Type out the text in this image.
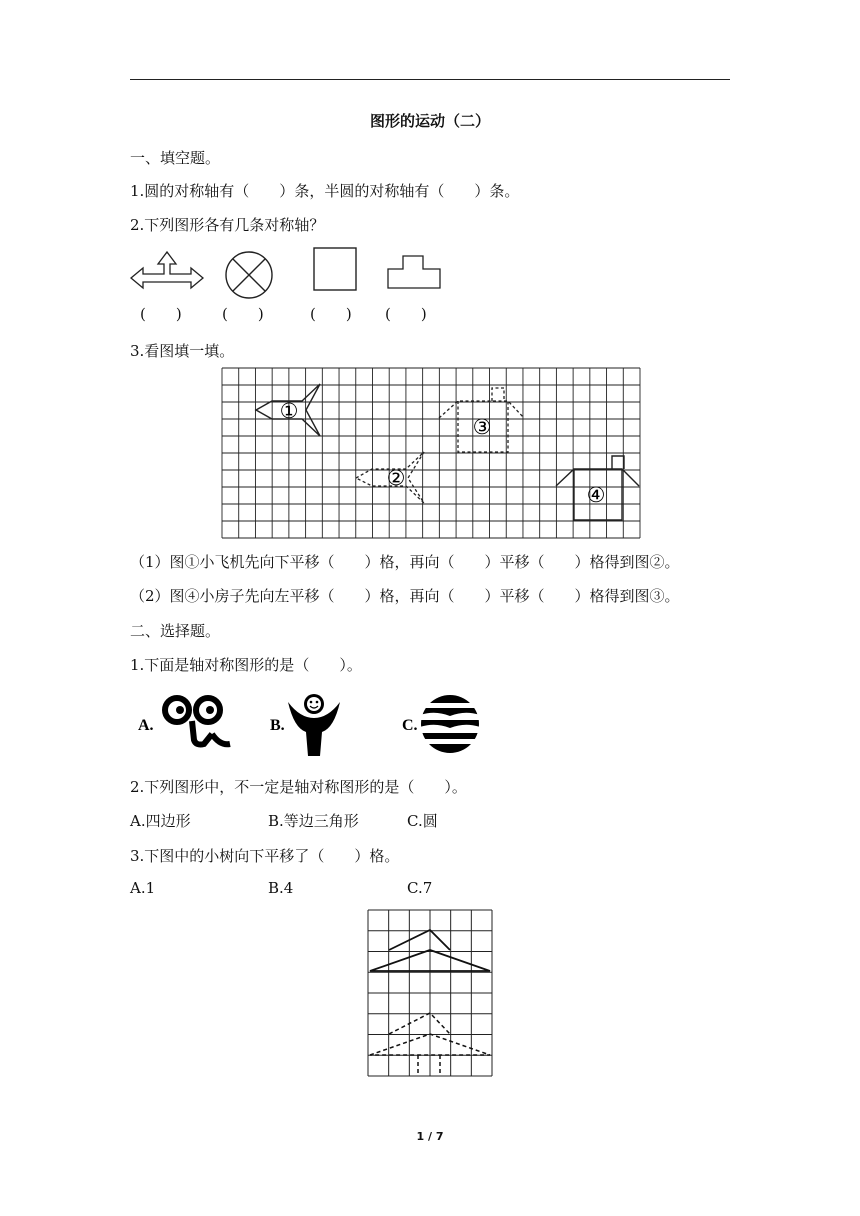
图形的运动（二）
一、填空题。
1.圆的对称轴有（　　）条，半圆的对称轴有（　　）条。
2.下列图形各有几条对称轴？
(　　)	(　　)	(　　) (　　)
3.看图填一填。
①
②
③
④
（1）图①小飞机先向下平移（　　）格，再向（　　）平移（　　）格得到图②。
（2）图④小房子先向左平移（　　）格，再向（　　）平移（　　）格得到图③。
二、选择题。
1.下面是轴对称图形的是（　　）。
A.	B.	C.
2.下列图形中，不一定是轴对称图形的是（　　）。
A.四边形	B.等边三角形	C.圆
3.下图中的小树向下平移了（　　）格。
A.1	B.4	C.7
1 / 7
